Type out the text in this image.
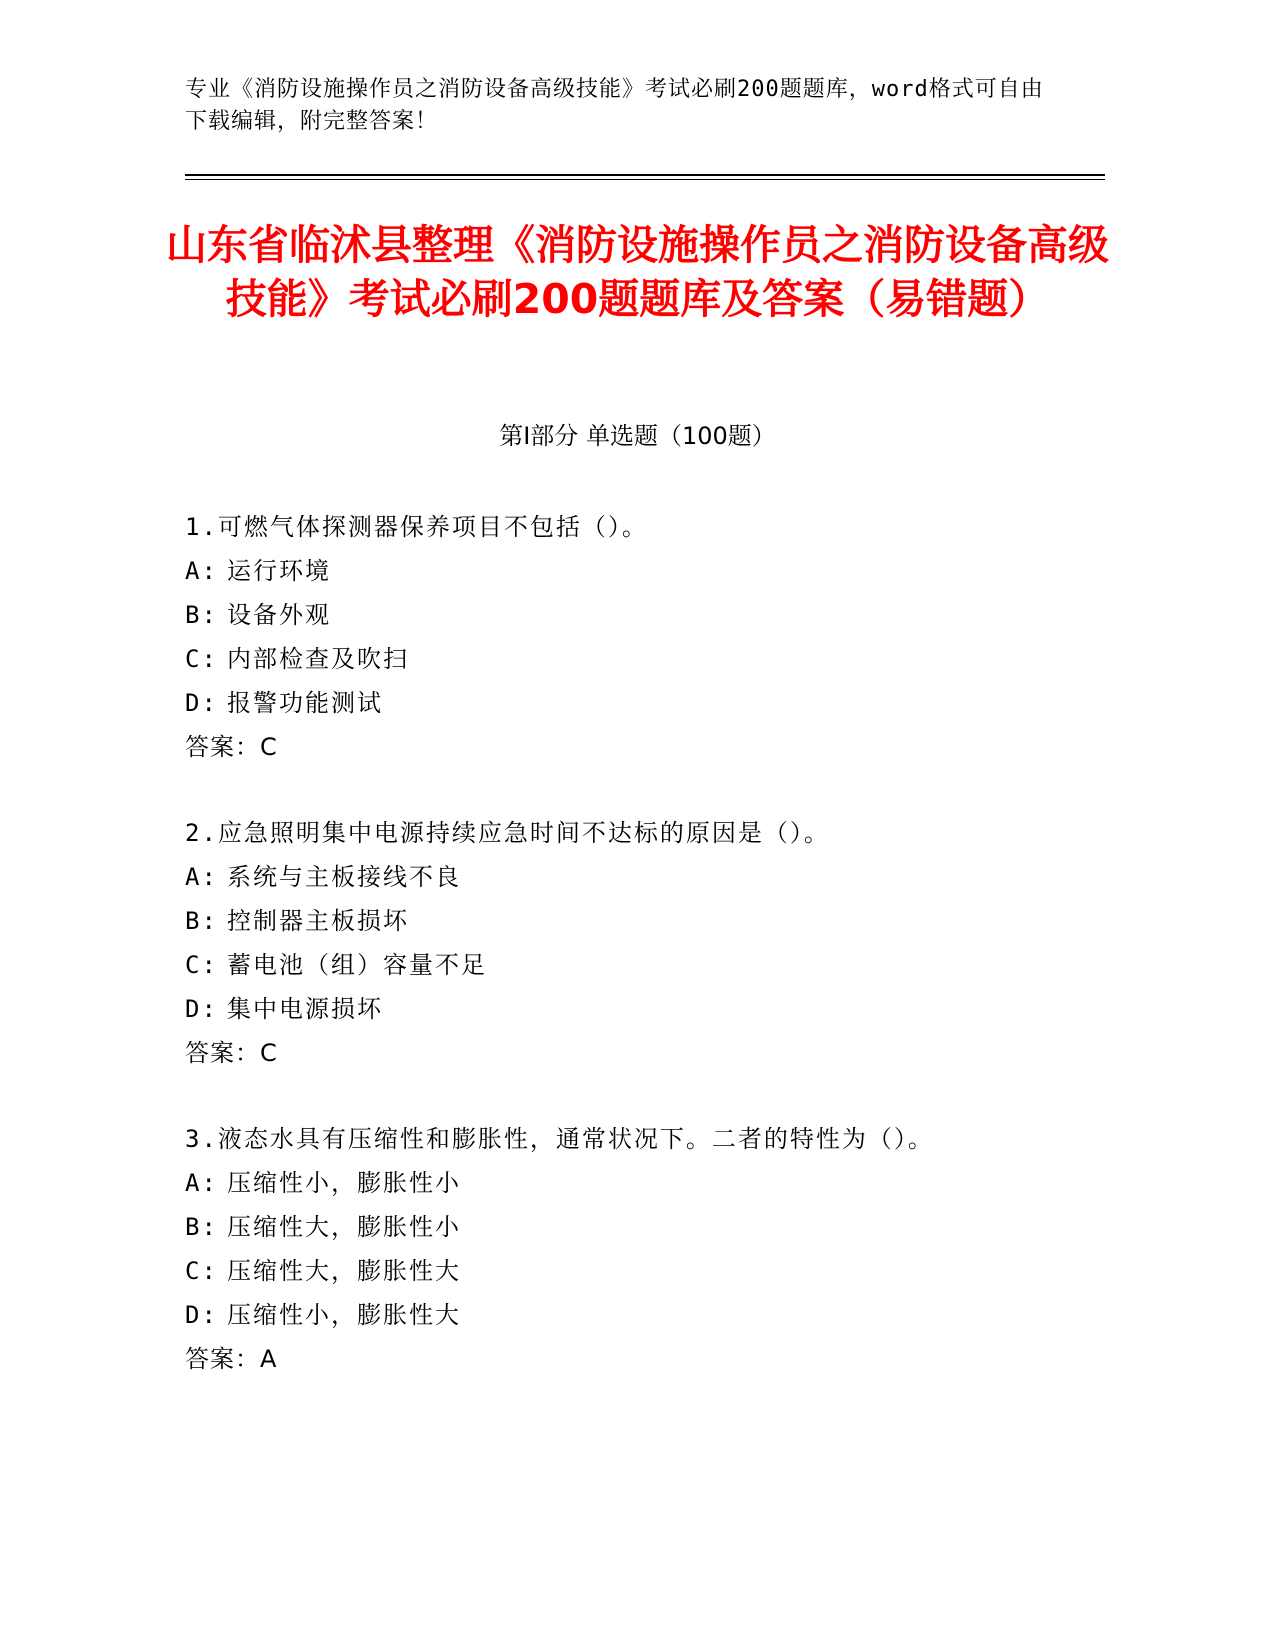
专业《消防设施操作员之消防设备高级技能》考试必刷200题题库，word格式可自由下载编辑，附完整答案！
山东省临沭县整理《消防设施操作员之消防设备高级技能》考试必刷200题题库及答案（易错题）
第Ⅰ部分 单选题（100题）
1.可燃气体探测器保养项目不包括（）。
A: 运行环境
B: 设备外观
C: 内部检查及吹扫
D: 报警功能测试
答案：C
2.应急照明集中电源持续应急时间不达标的原因是（）。
A: 系统与主板接线不良
B: 控制器主板损坏
C: 蓄电池（组）容量不足
D: 集中电源损坏
答案：C
3.液态水具有压缩性和膨胀性，通常状况下。二者的特性为（）。
A: 压缩性小，膨胀性小
B: 压缩性大，膨胀性小
C: 压缩性大，膨胀性大
D: 压缩性小，膨胀性大
答案：A
